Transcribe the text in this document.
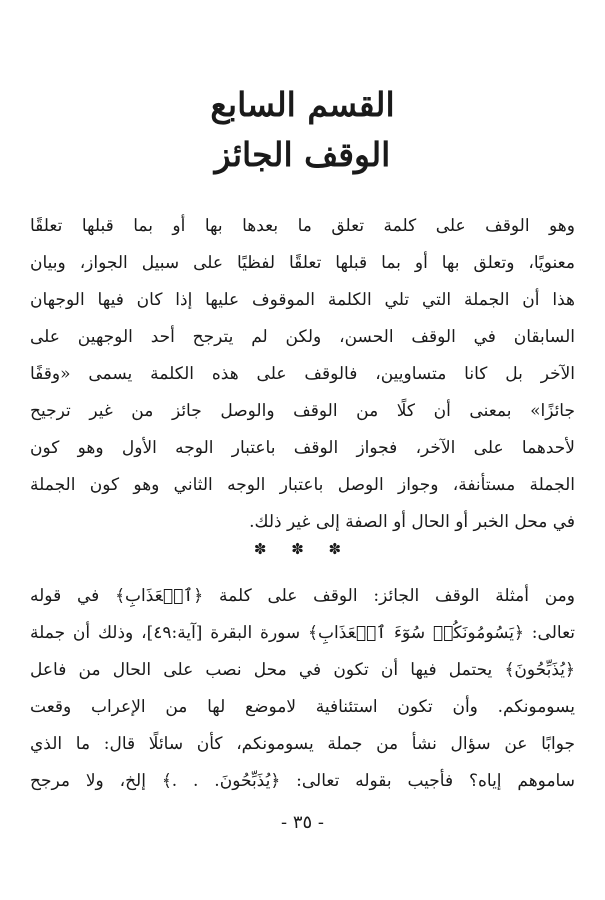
القسم السابع
الوقف الجائز
وهو الوقف على كلمة تعلق ما بعدها بها أو بما قبلها تعلقًا
معنويًا، وتعلق بها أو بما قبلها تعلقًا لفظيًا على سبيل الجواز، وبيان
هذا أن الجملة التي تلي الكلمة الموقوف عليها إذا كان فيها الوجهان
السابقان في الوقف الحسن، ولكن لم يترجح أحد الوجهين على
الآخر بل كانا متساويين، فالوقف على هذه الكلمة يسمى «وقفًا
جائزًا» بمعنى أن كلًا من الوقف والوصل جائز من غير ترجيح
لأحدهما على الآخر، فجواز الوقف باعتبار الوجه الأول وهو كون
الجملة مستأنفة، وجواز الوصل باعتبار الوجه الثاني وهو كون الجملة
في محل الخبر أو الحال أو الصفة إلى غير ذلك.
✽ ✽ ✽
ومن أمثلة الوقف الجائز: الوقف على كلمة ﴿ٱلۡعَذَابِ﴾ في قوله
تعالى: ﴿يَسُومُونَكُمۡ سُوٓءَ ٱلۡعَذَابِ﴾ سورة البقرة [آية:٤٩]، وذلك أن جملة
﴿يُذَبِّحُونَ﴾ يحتمل فيها أن تكون في محل نصب على الحال من فاعل
يسومونكم. وأن تكون استئنافية لاموضع لها من الإعراب وقعت
جوابًا عن سؤال نشأ من جملة يسومونكم، كأن سائلًا قال: ما الذي
ساموهم إياه؟ فأجيب بقوله تعالى: ﴿يُذَبِّحُونَ. . .﴾ إلخ، ولا مرجح
- ٣٥ -
